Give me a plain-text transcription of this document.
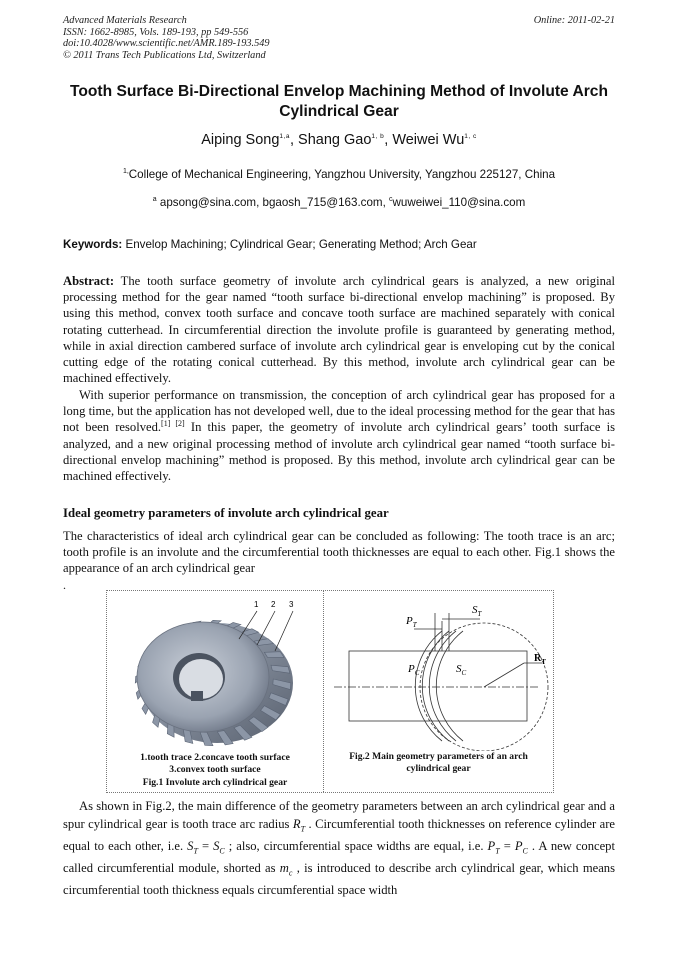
Advanced Materials Research
ISSN: 1662-8985, Vols. 189-193, pp 549-556
doi:10.4028/www.scientific.net/AMR.189-193.549
© 2011 Trans Tech Publications Ltd, Switzerland
Online: 2011-02-21
Tooth Surface Bi-Directional Envelop Machining Method of Involute Arch
Cylindrical Gear
Aiping Song$^{1,a}$, Shang Gao$^{1, b}$, Weiwei Wu$^{1, c}$
$^{1,}$College of Mechanical Engineering, Yangzhou University, Yangzhou 225127, China
$^a$ apsong@sina.com, bgaosh_715@163.com, $^c$wuweiwei_110@sina.com
Keywords: Envelop Machining; Cylindrical Gear; Generating Method; Arch Gear
Abstract: The tooth surface geometry of involute arch cylindrical gears is analyzed, a new original processing method for the gear named “tooth surface bi-directional envelop machining” is proposed. By using this method, convex tooth surface and concave tooth surface are machined separately with conical rotating cutterhead. In circumferential direction the involute profile is guaranteed by generating method, while in axial direction cambered surface of involute arch cylindrical gear is enveloping cut by the conical cutting edge of the rotating conical cutterhead. By this method, involute arch cylindrical gear can be machined effectively.
With superior performance on transmission, the conception of arch cylindrical gear has proposed for a long time, but the application has not developed well, due to the ideal processing method for the gear that has not been resolved.[1] [2] In this paper, the geometry of involute arch cylindrical gears’ tooth surface is analyzed, and a new original processing method of involute arch cylindrical gear named “tooth surface bi-directional envelop machining” method is proposed. By this method, involute arch cylindrical gear can be machined effectively.
Ideal geometry parameters of involute arch cylindrical gear
The characteristics of ideal arch cylindrical gear can be concluded as following: The tooth trace is an arc; tooth profile is an involute and the circumferential tooth thicknesses are equal to each other. Fig.1 shows the appearance of an arch cylindrical gear
.
1 2 3
1.tooth trace 2.concave tooth surface
3.convex tooth surface
Fig.1 Involute arch cylindrical gear
$P_T$
$S_T$
$P_C$	$S_C$
$R_T$
Fig.2 Main geometry parameters of an arch
cylindrical gear
As shown in Fig.2, the main difference of the geometry parameters between an arch cylindrical gear and a spur cylindrical gear is tooth trace arc radius $R_T$ . Circumferential tooth thicknesses on reference cylinder are equal to each other, i.e. $S_T = S_C$ ; also, circumferential space widths are equal, i.e. $P_T = P_C$ . A new concept called circumferential module, shorted as $m_c$ , is introduced to describe arch cylindrical gear, which means circumferential tooth thickness equals circumferential space width
